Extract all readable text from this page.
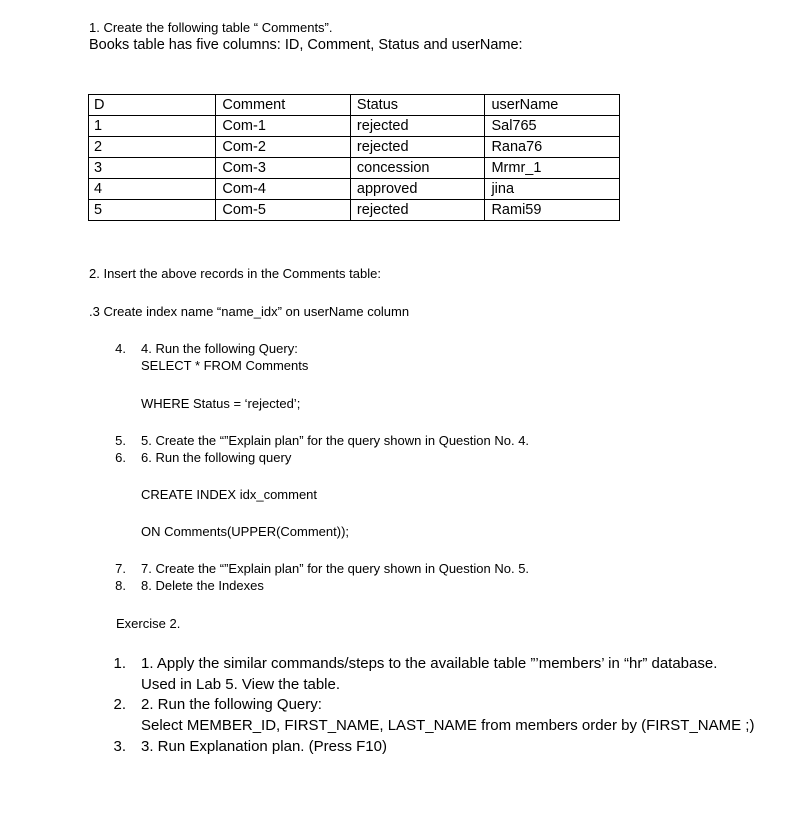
1. Create the following table “ Comments”.
Books table has five columns: ID, Comment, Status and userName:
D	Comment	Status	userName
1	Com-1	rejected	Sal765
2	Com-2	rejected	Rana76
3	Com-3	concession	Mrmr_1
4	Com-4	approved	jina
5	Com-5	rejected	Rami59
2. Insert the above records in the Comments table:
.3 Create index name “name_idx” on userName column
4. 4. Run the following Query:
SELECT * FROM Comments
WHERE Status = ‘rejected’;
5. 5. Create the “”Explain plan” for the query shown in Question No. 4.
6. 6. Run the following query
CREATE INDEX idx_comment
ON Comments(UPPER(Comment));
7. 7. Create the “”Explain plan” for the query shown in Question No. 5.
8. 8. Delete the Indexes
Exercise 2.
1. 1. Apply the similar commands/steps to the available table ”’members’ in “hr” database.
Used in Lab 5. View the table.
2. 2. Run the following Query:
Select MEMBER_ID, FIRST_NAME, LAST_NAME from members order by (FIRST_NAME ;)
3. 3. Run Explanation plan. (Press F10)
